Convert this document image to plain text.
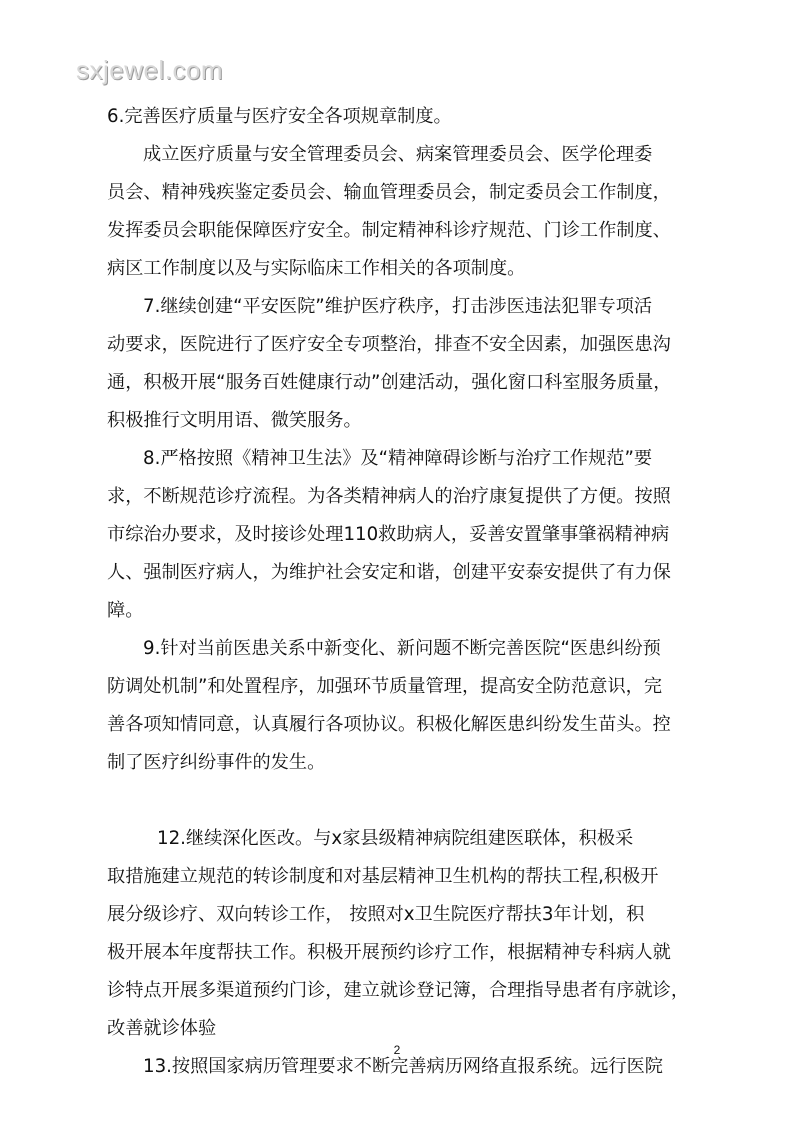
sxjewel.com
6.完善医疗质量与医疗安全各项规章制度。
成立医疗质量与安全管理委员会、病案管理委员会、医学伦理委
员会、精神残疾鉴定委员会、输血管理委员会，制定委员会工作制度，
发挥委员会职能保障医疗安全。制定精神科诊疗规范、门诊工作制度、
病区工作制度以及与实际临床工作相关的各项制度。
7.继续创建“平安医院”维护医疗秩序，打击涉医违法犯罪专项活
动要求，医院进行了医疗安全专项整治，排查不安全因素，加强医患沟
通，积极开展“服务百姓健康行动”创建活动，强化窗口科室服务质量，
积极推行文明用语、微笑服务。
8.严格按照《精神卫生法》及“精神障碍诊断与治疗工作规范”要
求，不断规范诊疗流程。为各类精神病人的治疗康复提供了方便。按照
市综治办要求，及时接诊处理110救助病人，妥善安置肇事肇祸精神病
人、强制医疗病人，为维护社会安定和谐，创建平安泰安提供了有力保
障。
9.针对当前医患关系中新变化、新问题不断完善医院“医患纠纷预
防调处机制”和处置程序，加强环节质量管理，提高安全防范意识，完
善各项知情同意，认真履行各项协议。积极化解医患纠纷发生苗头。控
制了医疗纠纷事件的发生。
12.继续深化医改。与x家县级精神病院组建医联体，积极采
取措施建立规范的转诊制度和对基层精神卫生机构的帮扶工程,积极开
展分级诊疗、双向转诊工作， 按照对x卫生院医疗帮扶3年计划，积
极开展本年度帮扶工作。积极开展预约诊疗工作，根据精神专科病人就
诊特点开展多渠道预约门诊，建立就诊登记簿，合理指导患者有序就诊，
改善就诊体验
13.按照国家病历管理要求不断完善病历网络直报系统。远行医院
2
